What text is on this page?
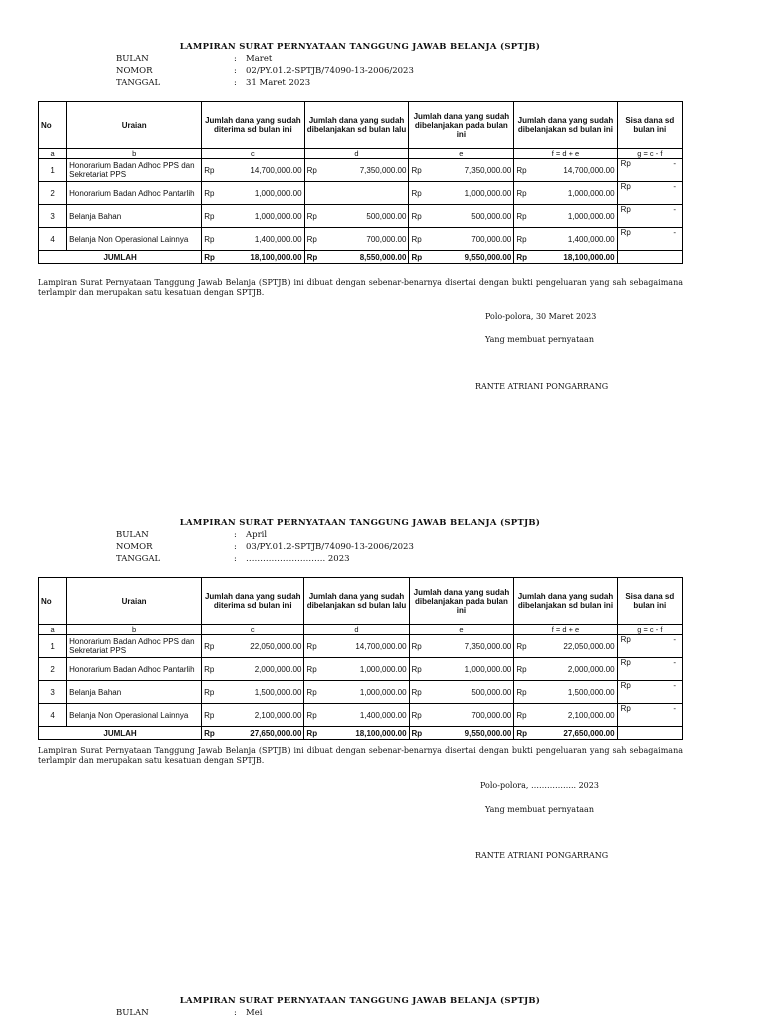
LAMPIRAN SURAT PERNYATAAN TANGGUNG JAWAB BELANJA (SPTJB)
BULAN	:	Maret
NOMOR	:	02/PY.01.2-SPTJB/74090-13-2006/2023
TANGGAL	:	31 Maret 2023
No	Uraian	Jumlah dana yang sudah diterima sd bulan ini		Jumlah dana yang sudah dibelanjakan sd bulan lalu		Jumlah dana yang sudah dibelanjakan pada bulan ini		Jumlah dana yang sudah dibelanjakan sd bulan ini		Sisa dana sd bulan ini
a	b	c		d		e		f = d + e		g = c - f
1	Honorarium Badan Adhoc PPS dan Sekretariat PPS	Rp	14,700,000.00	Rp	7,350,000.00	Rp	7,350,000.00	Rp	14,700,000.00	Rp -

2	Honorarium Badan Adhoc Pantarlih	Rp	1,000,000.00			Rp	1,000,000.00	Rp	1,000,000.00	Rp -

3	Belanja Bahan	Rp	1,000,000.00	Rp	500,000.00	Rp	500,000.00	Rp	1,000,000.00	Rp -

4	Belanja Non Operasional Lainnya	Rp	1,400,000.00	Rp	700,000.00	Rp	700,000.00	Rp	1,400,000.00	Rp -

JUMLAH		Rp	18,100,000.00	Rp	8,550,000.00	Rp	9,550,000.00	Rp	18,100,000.00	
Lampiran Surat Pernyataan Tanggung Jawab Belanja (SPTJB) ini dibuat dengan sebenar-benarnya disertai dengan bukti pengeluaran yang sah sebagaimana terlampir dan merupakan satu kesatuan dengan SPTJB.
Polo-polora, 30 Maret 2023
Yang membuat pernyataan
RANTE ATRIANI PONGARRANG
LAMPIRAN SURAT PERNYATAAN TANGGUNG JAWAB BELANJA (SPTJB)
BULAN	:	April
NOMOR	:	03/PY.01.2-SPTJB/74090-13-2006/2023
TANGGAL	:	………………………. 2023
No	Uraian	Jumlah dana yang sudah diterima sd bulan ini		Jumlah dana yang sudah dibelanjakan sd bulan lalu		Jumlah dana yang sudah dibelanjakan pada bulan ini		Jumlah dana yang sudah dibelanjakan sd bulan ini		Sisa dana sd bulan ini
a	b	c		d		e		f = d + e		g = c - f
1	Honorarium Badan Adhoc PPS dan Sekretariat PPS	Rp	22,050,000.00	Rp	14,700,000.00	Rp	7,350,000.00	Rp	22,050,000.00	Rp -

2	Honorarium Badan Adhoc Pantarlih	Rp	2,000,000.00	Rp	1,000,000.00	Rp	1,000,000.00	Rp	2,000,000.00	Rp -

3	Belanja Bahan	Rp	1,500,000.00	Rp	1,000,000.00	Rp	500,000.00	Rp	1,500,000.00	Rp -

4	Belanja Non Operasional Lainnya	Rp	2,100,000.00	Rp	1,400,000.00	Rp	700,000.00	Rp	2,100,000.00	Rp -

JUMLAH		Rp	27,650,000.00	Rp	18,100,000.00	Rp	9,550,000.00	Rp	27,650,000.00	
Lampiran Surat Pernyataan Tanggung Jawab Belanja (SPTJB) ini dibuat dengan sebenar-benarnya disertai dengan bukti pengeluaran yang sah sebagaimana terlampir dan merupakan satu kesatuan dengan SPTJB.
Polo-polora, …………….. 2023
Yang membuat pernyataan
RANTE ATRIANI PONGARRANG
LAMPIRAN SURAT PERNYATAAN TANGGUNG JAWAB BELANJA (SPTJB)
BULAN	:	Mei
